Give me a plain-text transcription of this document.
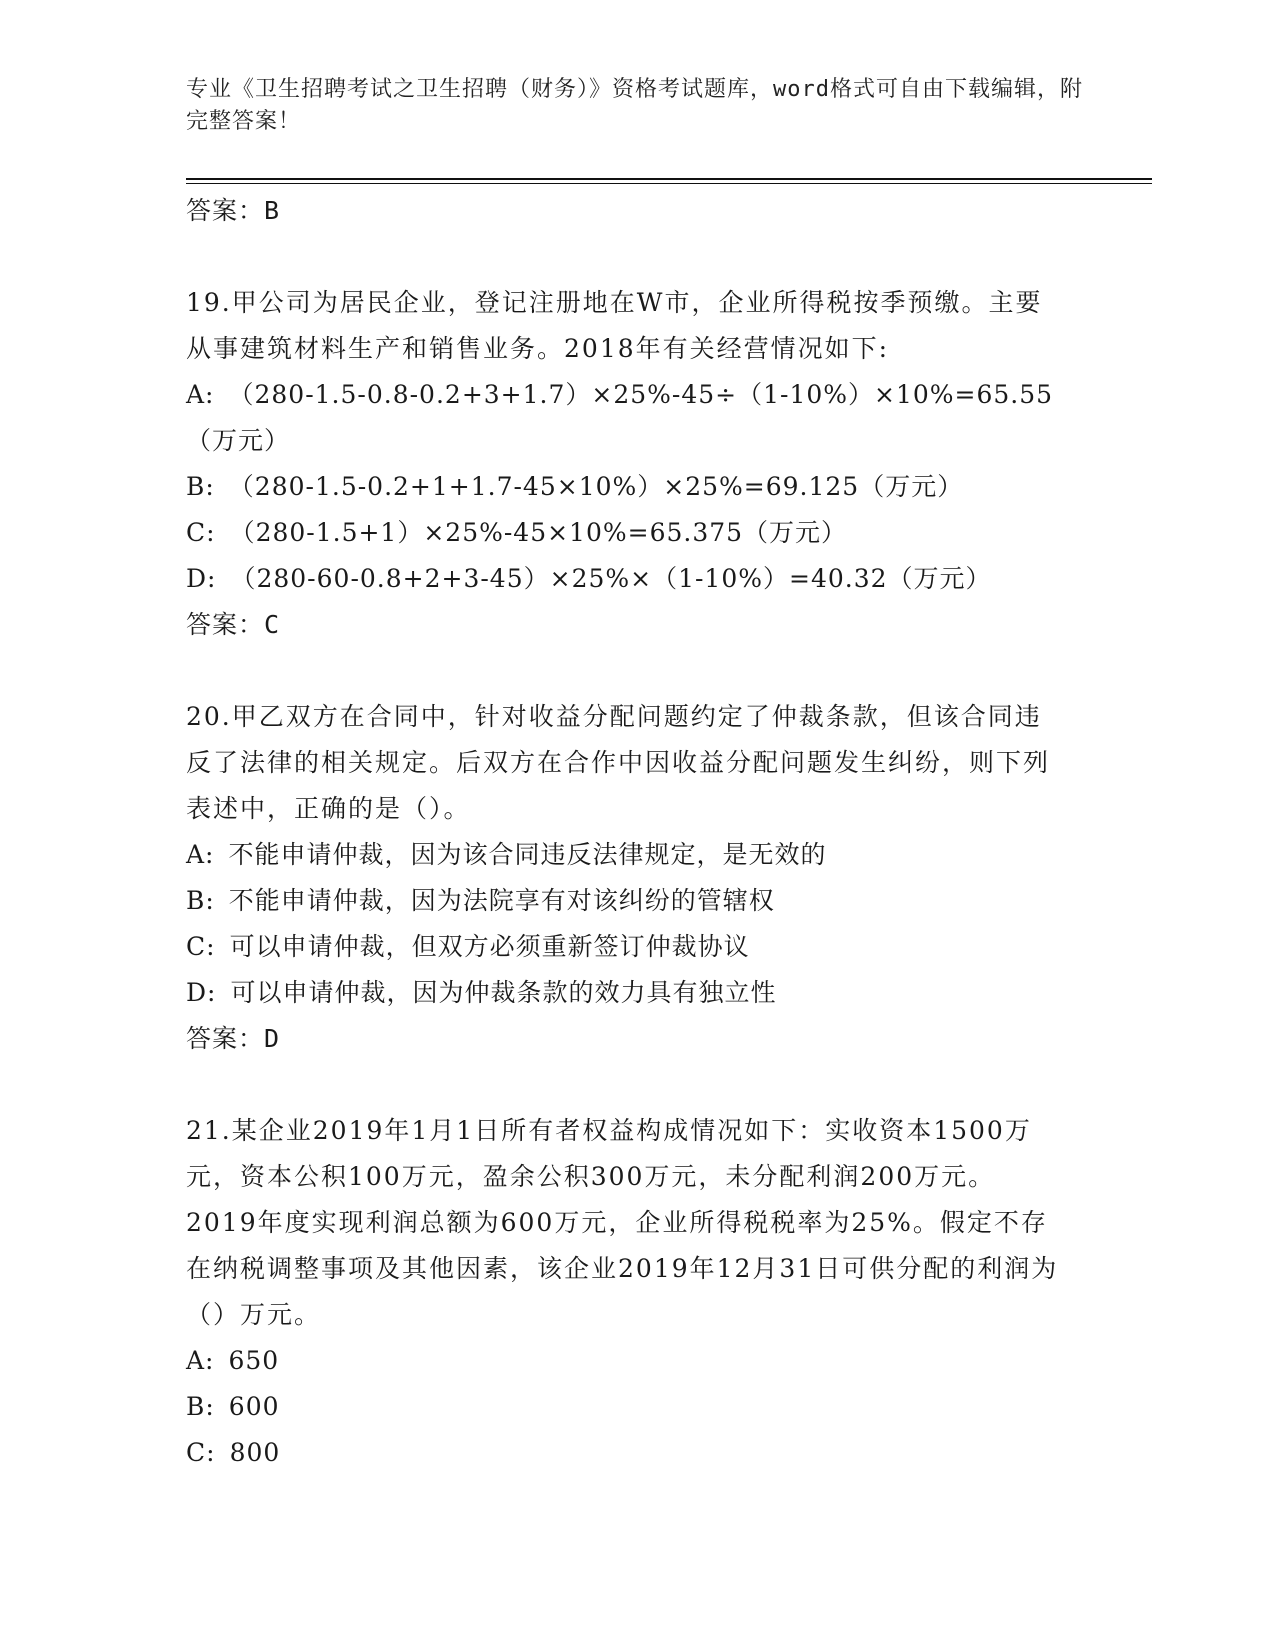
专业《卫生招聘考试之卫生招聘（财务）》资格考试题库，word格式可自由下载编辑，附完整答案！
答案：B
19.甲公司为居民企业，登记注册地在W市，企业所得税按季预缴。主要从事建筑材料生产和销售业务。2018年有关经营情况如下:
A: （280-1.5-0.8-0.2+3+1.7）×25%-45÷（1-10%）×10%=65.55（万元）
B: （280-1.5-0.2+1+1.7-45×10%）×25%=69.125（万元）
C: （280-1.5+1）×25%-45×10%=65.375（万元）
D: （280-60-0.8+2+3-45）×25%×（1-10%）=40.32（万元）
答案：C
20.甲乙双方在合同中，针对收益分配问题约定了仲裁条款，但该合同违反了法律的相关规定。后双方在合作中因收益分配问题发生纠纷，则下列表述中，正确的是（）。
A: 不能申请仲裁，因为该合同违反法律规定，是无效的
B: 不能申请仲裁，因为法院享有对该纠纷的管辖权
C: 可以申请仲裁，但双方必须重新签订仲裁协议
D: 可以申请仲裁，因为仲裁条款的效力具有独立性
答案：D
21.某企业2019年1月1日所有者权益构成情况如下：实收资本1500万元，资本公积100万元，盈余公积300万元，未分配利润200万元。2019年度实现利润总额为600万元，企业所得税税率为25%。假定不存在纳税调整事项及其他因素，该企业2019年12月31日可供分配的利润为（）万元。
A: 650
B: 600
C: 800
